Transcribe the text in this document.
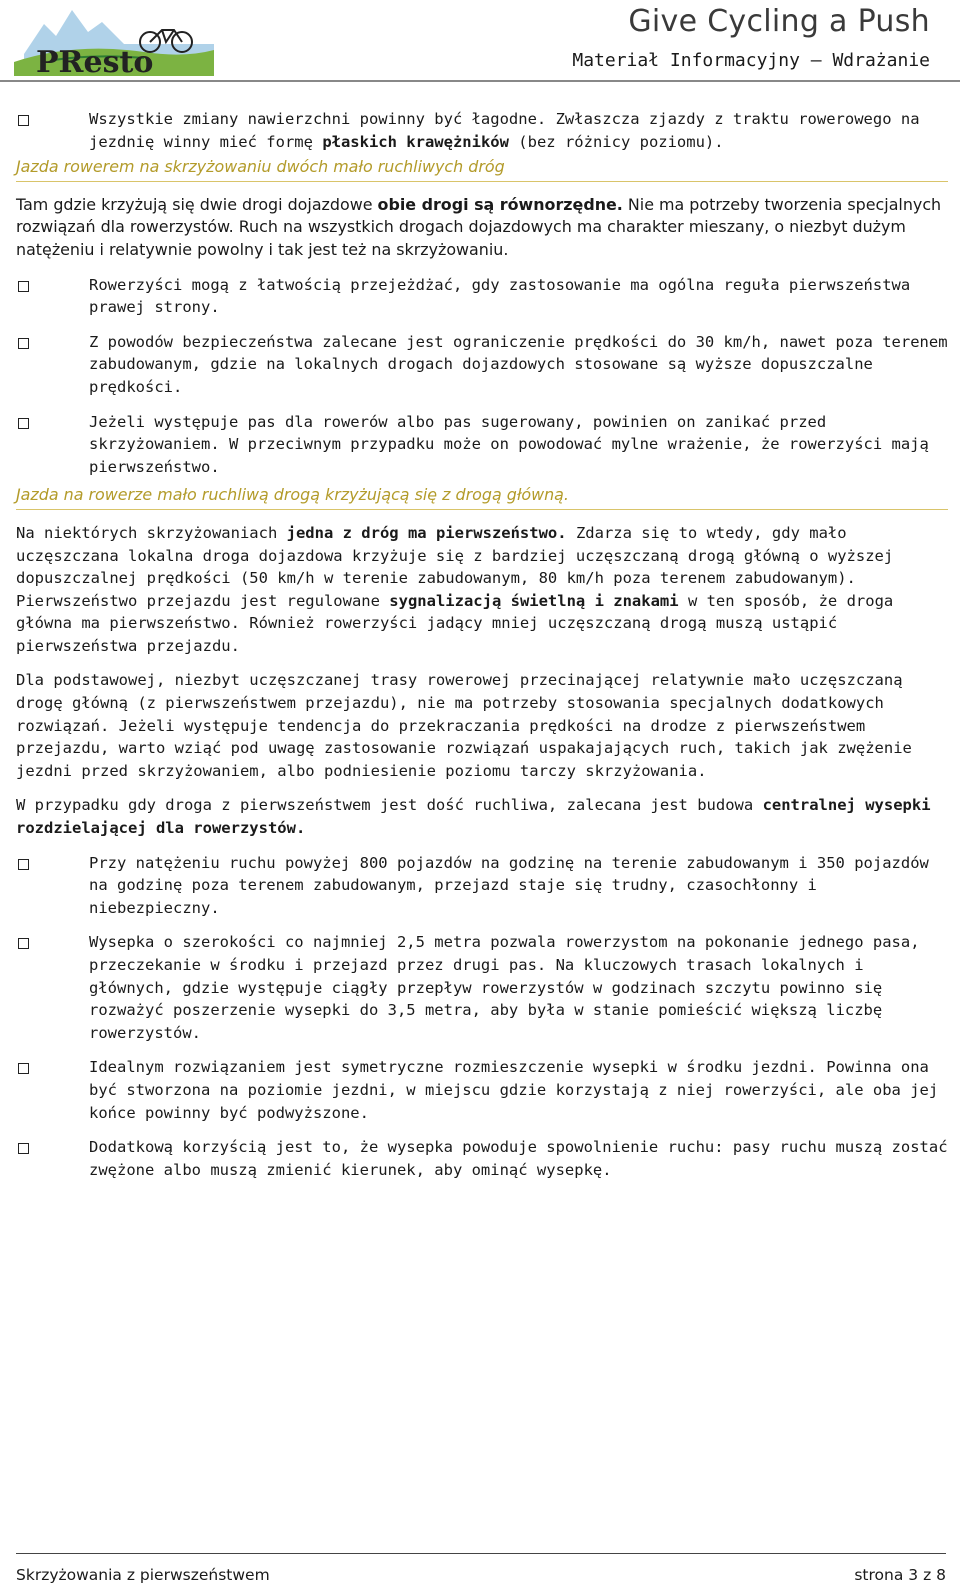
PResto
Give Cycling a Push
Materiał Informacyjny – Wdrażanie

Wszystkie zmiany nawierzchni powinny być łagodne. Zwłaszcza zjazdy z traktu rowerowego na jezdnię winny mieć formę płaskich krawężników (bez różnicy poziomu).

Jazda rowerem na skrzyżowaniu dwóch mało ruchliwych dróg

Tam gdzie krzyżują się dwie drogi dojazdowe obie drogi są równorzędne. Nie ma potrzeby tworzenia specjalnych rozwiązań dla rowerzystów. Ruch na wszystkich drogach dojazdowych ma charakter mieszany, o niezbyt dużym natężeniu i relatywnie powolny i tak jest też na skrzyżowaniu.

Rowerzyści mogą z łatwością przejeżdżać, gdy zastosowanie ma ogólna reguła pierwszeństwa prawej strony.

Z powodów bezpieczeństwa zalecane jest ograniczenie prędkości do 30 km/h, nawet poza terenem zabudowanym, gdzie na lokalnych drogach dojazdowych stosowane są wyższe dopuszczalne prędkości.

Jeżeli występuje pas dla rowerów albo pas sugerowany, powinien on zanikać przed skrzyżowaniem. W przeciwnym przypadku może on powodować mylne wrażenie, że rowerzyści mają pierwszeństwo.

Jazda na rowerze mało ruchliwą drogą krzyżującą się z drogą główną.

Na niektórych skrzyżowaniach jedna z dróg ma pierwszeństwo. Zdarza się to wtedy, gdy mało uczęszczana lokalna droga dojazdowa krzyżuje się z bardziej uczęszczaną drogą główną o wyższej dopuszczalnej prędkości (50 km/h w terenie zabudowanym, 80 km/h poza terenem zabudowanym). Pierwszeństwo przejazdu jest regulowane sygnalizacją świetlną i znakami w ten sposób, że droga główna ma pierwszeństwo. Również rowerzyści jadący mniej uczęszczaną drogą muszą ustąpić pierwszeństwa przejazdu.

Dla podstawowej, niezbyt uczęszczanej trasy rowerowej przecinającej relatywnie mało uczęszczaną drogę główną (z pierwszeństwem przejazdu), nie ma potrzeby stosowania specjalnych dodatkowych rozwiązań. Jeżeli występuje tendencja do przekraczania prędkości na drodze z pierwszeństwem przejazdu, warto wziąć pod uwagę zastosowanie rozwiązań uspakajających ruch, takich jak zwężenie jezdni przed skrzyżowaniem, albo podniesienie poziomu tarczy skrzyżowania.

W przypadku gdy droga z pierwszeństwem jest dość ruchliwa, zalecana jest budowa centralnej wysepki rozdzielającej dla rowerzystów.

Przy natężeniu ruchu powyżej 800 pojazdów na godzinę na terenie zabudowanym i 350 pojazdów na godzinę poza terenem zabudowanym, przejazd staje się trudny, czasochłonny i niebezpieczny.

Wysepka o szerokości co najmniej 2,5 metra pozwala rowerzystom na pokonanie jednego pasa, przeczekanie w środku i przejazd przez drugi pas. Na kluczowych trasach lokalnych i głównych, gdzie występuje ciągły przepływ rowerzystów w godzinach szczytu powinno się rozważyć poszerzenie wysepki do 3,5 metra, aby była w stanie pomieścić większą liczbę rowerzystów.

Idealnym rozwiązaniem jest symetryczne rozmieszczenie wysepki w środku jezdni. Powinna ona być stworzona na poziomie jezdni, w miejscu gdzie korzystają z niej rowerzyści, ale oba jej końce powinny być podwyższone.

Dodatkową korzyścią jest to, że wysepka powoduje spowolnienie ruchu: pasy ruchu muszą zostać zwężone albo muszą zmienić kierunek, aby ominąć wysepkę.

Skrzyżowania z pierwszeństwem	strona 3 z 8
